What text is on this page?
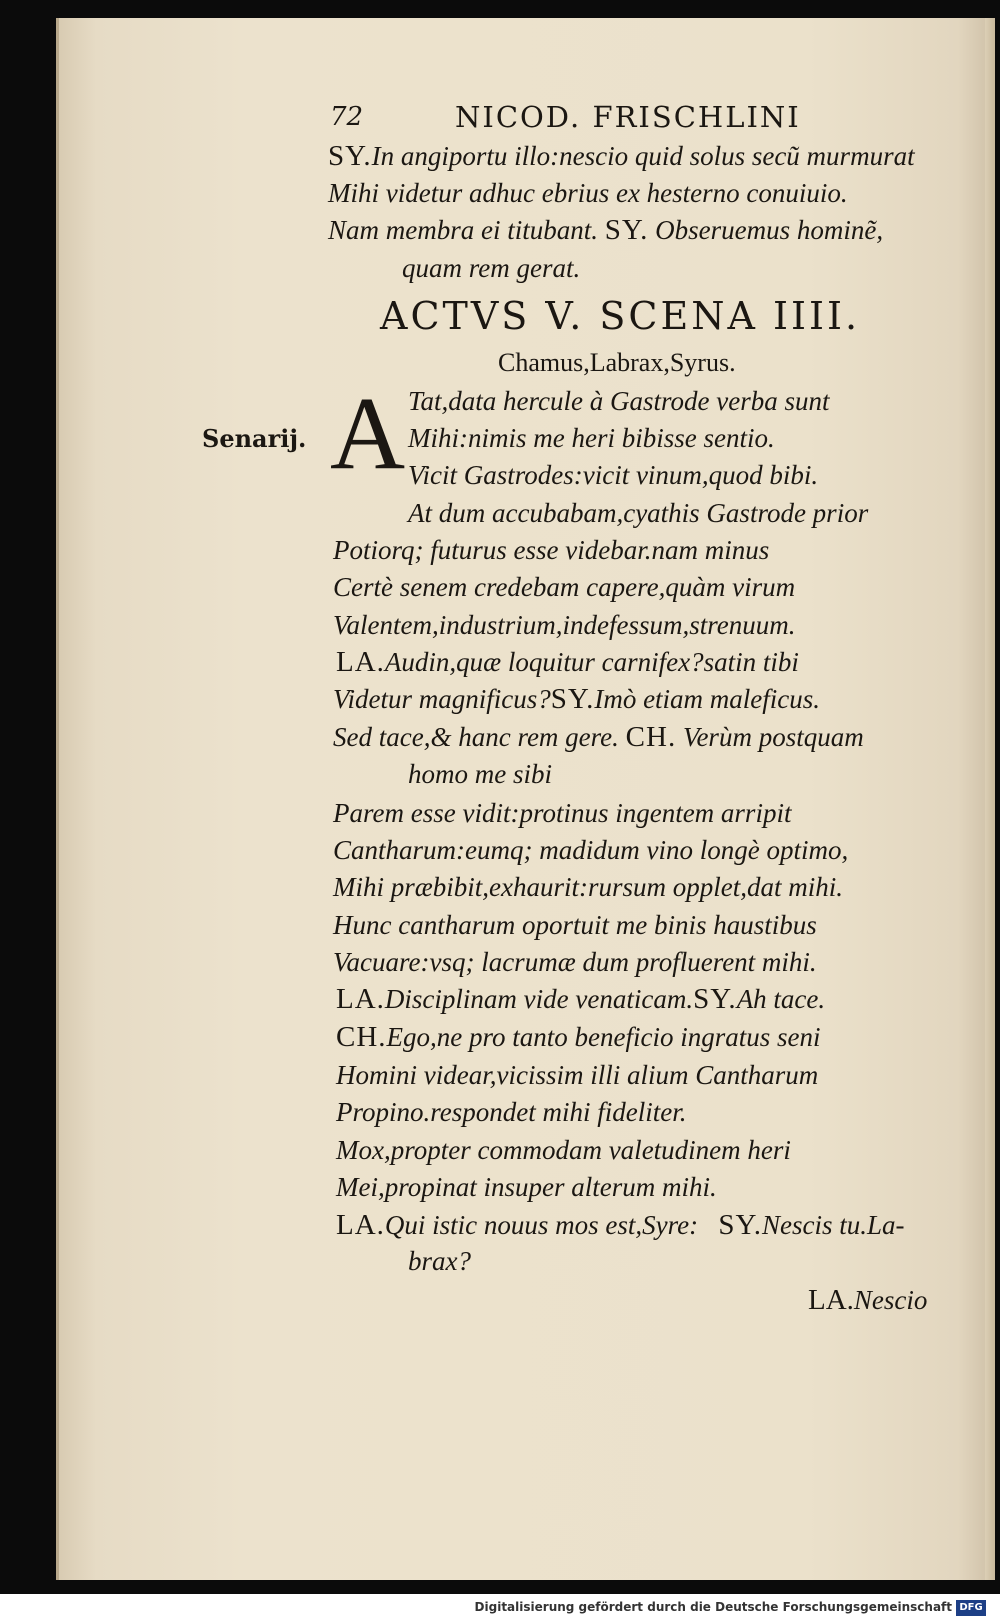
72	NICOD. FRISCHLINI
SY.In angiportu illo:nescio quid solus secũ murmurat
Mihi videtur adhuc ebrius ex hesterno conuiuio.
Nam membra ei titubant. SY. Obseruemus hominẽ,
quam rem gerat.
ACTVS V. SCENA IIII.
Chamus,Labrax,Syrus.
Senarij. A Tat,data hercule à Gastrode verba sunt
Mihi:nimis me heri bibisse sentio.
Vicit Gastrodes:vicit vinum,quod bibi.
At dum accubabam,cyathis Gastrode prior
Potiorq; futurus esse videbar.nam minus
Certè senem credebam capere,quàm virum
Valentem,industrium,indefessum,strenuum.
LA.Audin,quæ loquitur carnifex?satin tibi
Videtur magnificus?SY.Imò etiam maleficus.
Sed tace,& hanc rem gere. CH. Verùm postquam
homo me sibi
Parem esse vidit:protinus ingentem arripit
Cantharum:eumq; madidum vino longè optimo,
Mihi præbibit,exhaurit:rursum opplet,dat mihi.
Hunc cantharum oportuit me binis haustibus
Vacuare:vsq; lacrumæ dum profluerent mihi.
LA.Disciplinam vide venaticam.SY.Ah tace.
CH.Ego,ne pro tanto beneficio ingratus seni
Homini videar,vicissim illi alium Cantharum
Propino.respondet mihi fideliter.
Mox,propter commodam valetudinem heri
Mei,propinat insuper alterum mihi.
LA.Qui istic nouus mos est,Syre: SY.Nescis tu.La-
brax?
LA.Nescio
Digitalisierung gefördert durch die Deutsche Forschungsgemeinschaft DFG
